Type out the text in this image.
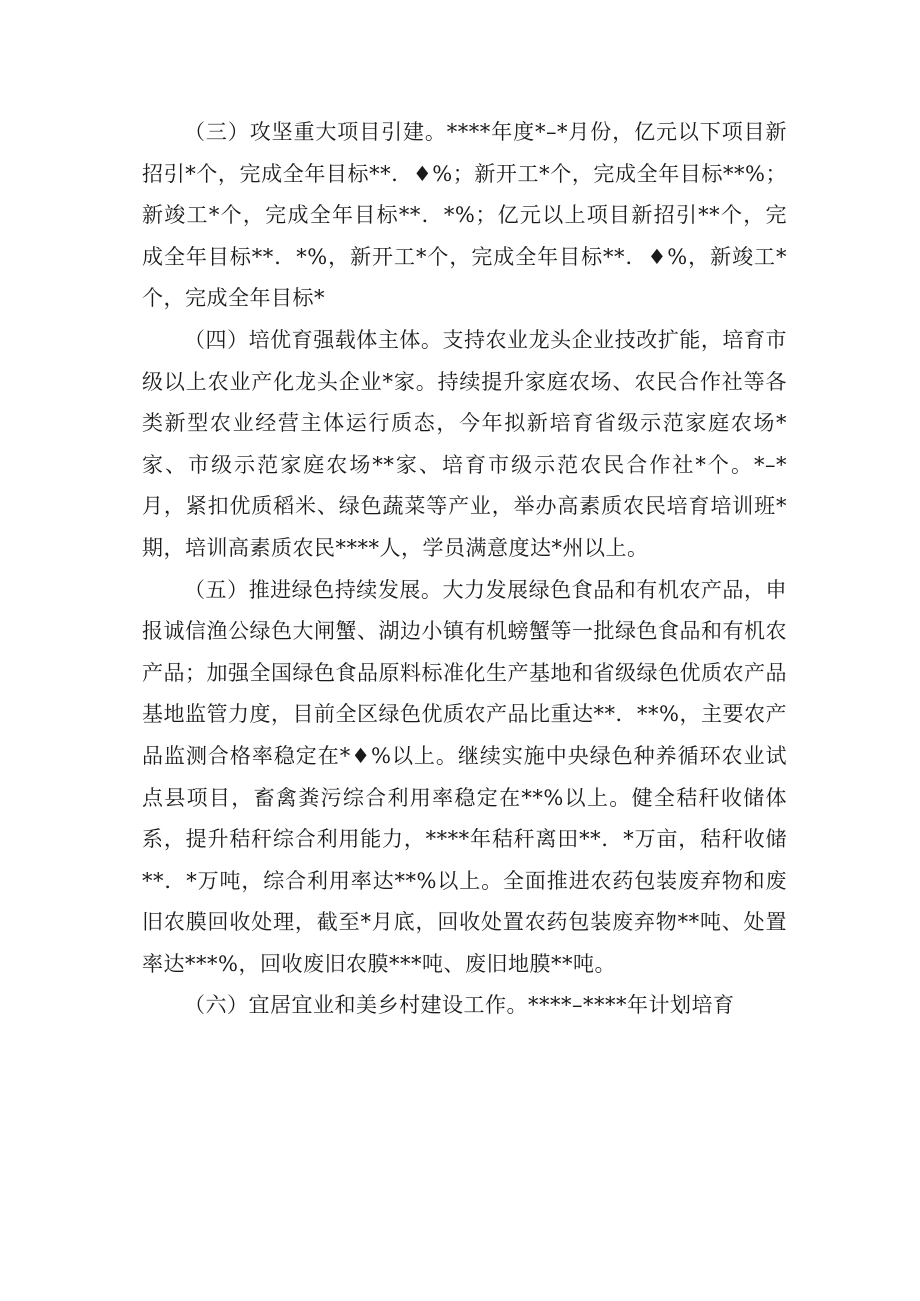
（三）攻坚重大项目引建。****年度*–*月份，亿元以下项目新招引*个，完成全年目标**．♦%；新开工*个，完成全年目标**%；新竣工*个，完成全年目标**．*%；亿元以上项目新招引**个，完成全年目标**．*%，新开工*个，完成全年目标**．♦%，新竣工*个，完成全年目标*

（四）培优育强载体主体。支持农业龙头企业技改扩能，培育市级以上农业产化龙头企业*家。持续提升家庭农场、农民合作社等各类新型农业经营主体运行质态，今年拟新培育省级示范家庭农场*家、市级示范家庭农场**家、培育市级示范农民合作社*个。*–*月，紧扣优质稻米、绿色蔬菜等产业，举办高素质农民培育培训班*期，培训高素质农民****人，学员满意度达*州以上。

（五）推进绿色持续发展。大力发展绿色食品和有机农产品，申报诚信渔公绿色大闸蟹、湖边小镇有机螃蟹等一批绿色食品和有机农产品；加强全国绿色食品原料标准化生产基地和省级绿色优质农产品基地监管力度，目前全区绿色优质农产品比重达**．**%，主要农产品监测合格率稳定在*♦%以上。继续实施中央绿色种养循环农业试点县项目，畜禽粪污综合利用率稳定在**%以上。健全秸秆收储体系，提升秸秆综合利用能力，****年秸秆离田**．*万亩，秸秆收储**．*万吨，综合利用率达**%以上。全面推进农药包装废弃物和废旧农膜回收处理，截至*月底，回收处置农药包装废弃物**吨、处置率达***%，回收废旧农膜***吨、废旧地膜**吨。

（六）宜居宜业和美乡村建设工作。****–****年计划培育
